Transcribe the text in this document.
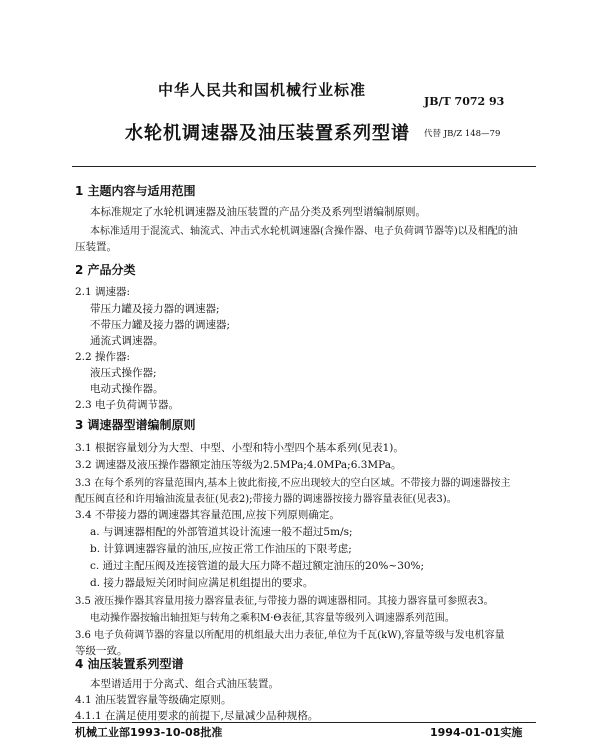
中华人民共和国机械行业标准
JB/T 7072 93
水轮机调速器及油压装置系列型谱 代替 JB/Z 148—79
1 主题内容与适用范围
本标准规定了水轮机调速器及油压装置的产品分类及系列型谱编制原则。
本标准适用于混流式、轴流式、冲击式水轮机调速器(含操作器、电子负荷调节器等)以及相配的油
压装置。
2 产品分类
2.1 调速器:
带压力罐及接力器的调速器;
不带压力罐及接力器的调速器;
通流式调速器。
2.2 操作器:
液压式操作器;
电动式操作器。
2.3 电子负荷调节器。
3 调速器型谱编制原则
3.1 根据容量划分为大型、中型、小型和特小型四个基本系列(见表1)。
3.2 调速器及液压操作器额定油压等级为2.5MPa;4.0MPa;6.3MPa。
3.3 在每个系列的容量范围内,基本上彼此衔接,不应出现较大的空白区域。不带接力器的调速器按主
配压阀直径和许用输油流量表征(见表2);带接力器的调速器按接力器容量表征(见表3)。
3.4 不带接力器的调速器其容量范围,应按下列原则确定。
a. 与调速器相配的外部管道其设计流速一般不超过5m/s;
b. 计算调速器容量的油压,应按正常工作油压的下限考虑;
c. 通过主配压阀及连接管道的最大压力降不超过额定油压的20%~30%;
d. 接力器最短关闭时间应满足机组提出的要求。
3.5 液压操作器其容量用接力器容量表征,与带接力器的调速器相同。其接力器容量可参照表3。
电动操作器按输出轴扭矩与转角之乘积M·Θ表征,其容量等级列入调速器系列范围。
3.6 电子负荷调节器的容量以所配用的机组最大出力表征,单位为千瓦(kW),容量等级与发电机容量
等级一致。
4 油压装置系列型谱
本型谱适用于分离式、组合式油压装置。
4.1 油压装置容量等级确定原则。
4.1.1 在满足使用要求的前提下,尽量减少品种规格。
机械工业部1993-10-08批准	1994-01-01实施
